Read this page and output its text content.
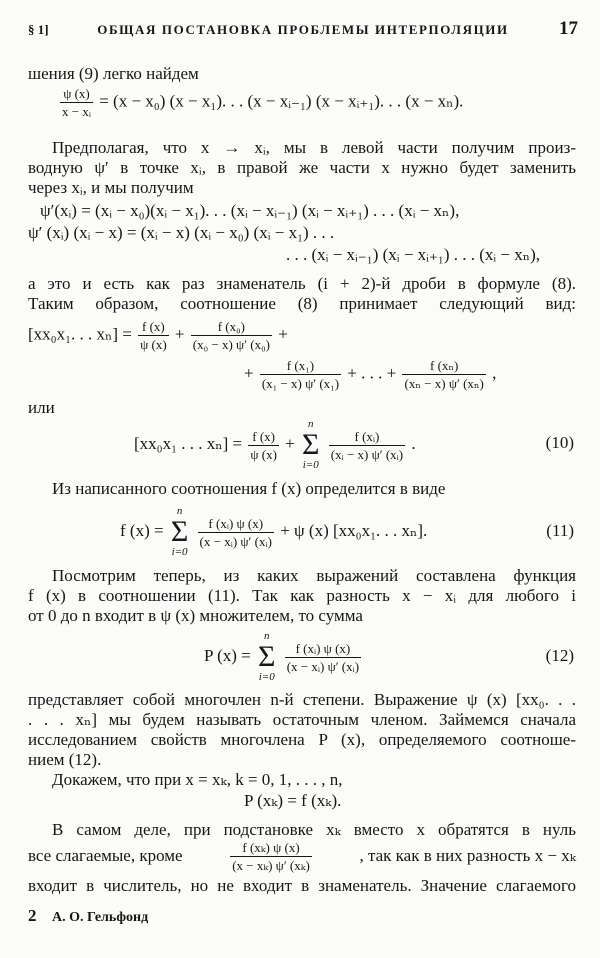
§ 1]	ОБЩАЯ ПОСТАНОВКА ПРОБЛЕМЫ ИНТЕРПОЛЯЦИИ	17
шения (9) легко найдем
$\frac{\psi (x)}{\text{x − xᵢ}} = (x - x_0) (x - x_1)$. . . (x − xᵢ₋₁) (x − xᵢ₊₁). . . (x − xₙ).
Предполагая, что x → xᵢ, мы в левой части получим произ-
водную ψ′ в точке xᵢ, в правой же части x нужно будет заменить
через xᵢ, и мы получим
ψ′(xᵢ) = (xᵢ − x₀)(xᵢ − x₁). . . (xᵢ − xᵢ₋₁) (xᵢ − xᵢ₊₁) . . . (xᵢ − xₙ),
ψ′ (xᵢ) (xᵢ − x) = (xᵢ − x) (xᵢ − x₀) (xᵢ − x₁) . . .
. . . (xᵢ − xᵢ₋₁) (xᵢ − xᵢ₊₁) . . . (xᵢ − xₙ),
а это и есть как раз знаменатель (i + 2)-й дроби в формуле (8).
Таким образом, соотношение (8) принимает следующий вид:
[xx₀x₁. . . $x_n] = \frac{f (x)}{\psi (x)} + \frac{\text{f (x₀)}}{\text{(x₀ − x) ψ′ (x₀)}}$ +
+ $\frac{\text{f (x₁)}}{\text{(x₁ − x) ψ′ (x₁)}}$ + . . . + $\frac{\text{f (xₙ)}}{\text{(xₙ − x) ψ′ (xₙ)}}$ ,
или
[xx₀x₁ . . . $x_n] = \frac{f (x)}{\psi (x)}$ +
n
Σ
i=0

$\frac{\text{f (xᵢ)}}{\text{(xᵢ − x) ψ′ (xᵢ)}}$ .	(10)
Из написанного соотношения f (x) определится в виде
f (x) =
n
Σ
i=0

$\frac{\text{f (xᵢ) ψ (x)}}{\text{(x − xᵢ) ψ′ (xᵢ)}} + \psi$ (x) [xx₀x₁. . . xₙ].	(11)
Посмотрим теперь, из каких выражений составлена функция
f (x) в соотношении (11). Так как разность x − xᵢ для любого i
от 0 до n входит в ψ (x) множителем, то сумма
P (x) =
n
Σ
i=0

$\frac{\text{f (xᵢ) ψ (x)}}{\text{(x − xᵢ) ψ′ (xᵢ)}}$	(12)
представляет собой многочлен n-й степени. Выражение ψ (x) [xx₀. . .
. . . xₙ] мы будем называть остаточным членом. Займемся сначала
исследованием свойств многочлена P (x), определяемого соотноше-
нием (12).
Докажем, что при x = xₖ, k = 0, 1, . . . , n,
P (xₖ) = f (xₖ).
В самом деле, при подстановке xₖ вместо x обратятся в нуль
все слагаемые, кроме	$\frac{\text{f (xₖ) ψ (x)}}{\text{(x − xₖ) ψ′ (xₖ)}}$	, так как в них разность x − xₖ
входит в числитель, но не входит в знаменатель. Значение слагаемого
2 А. О. Гельфонд
